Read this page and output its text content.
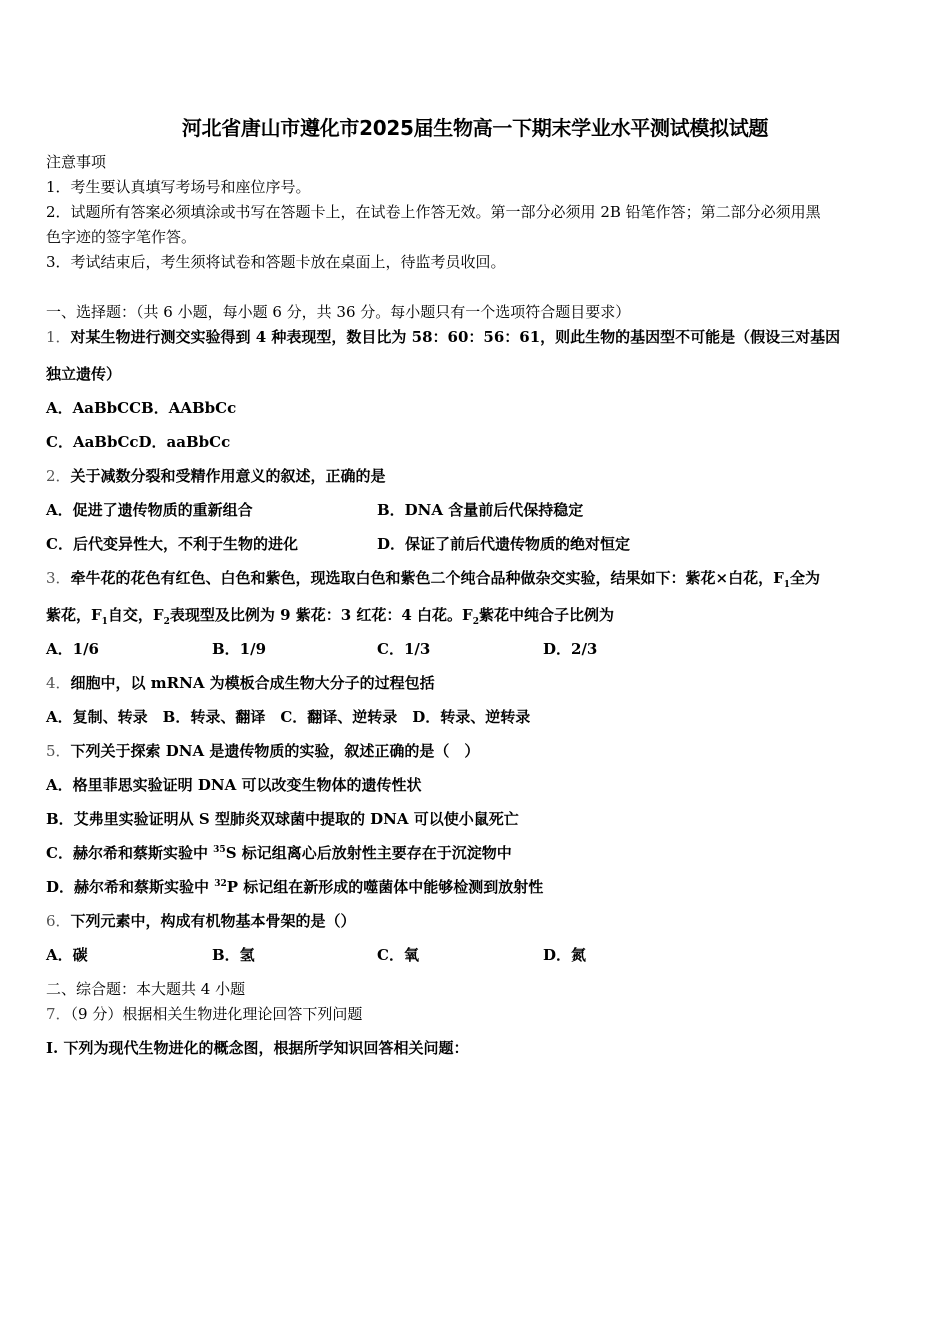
河北省唐山市遵化市2025届生物高一下期末学业水平测试模拟试题
注意事项
1．考生要认真填写考场号和座位序号。
2．试题所有答案必须填涂或书写在答题卡上，在试卷上作答无效。第一部分必须用 2B 铅笔作答；第二部分必须用黑
色字迹的签字笔作答。
3．考试结束后，考生须将试卷和答题卡放在桌面上，待监考员收回。
一、选择题：（共 6 小题，每小题 6 分，共 36 分。每小题只有一个选项符合题目要求）
1．对某生物进行测交实验得到 4 种表现型，数目比为 58：60：56：61，则此生物的基因型不可能是（假设三对基因
独立遗传）
A．AaBbCCB．AABbCc
C．AaBbCcD．aaBbCc
2．关于减数分裂和受精作用意义的叙述，正确的是
A．促进了遗传物质的重新组合	B．DNA 含量前后代保持稳定
C．后代变异性大，不利于生物的进化	D．保证了前后代遗传物质的绝对恒定
3．牵牛花的花色有红色、白色和紫色，现选取白色和紫色二个纯合品种做杂交实验，结果如下：紫花×白花，$F_1$全为
紫花，$F_1$自交，$F_2$表现型及比例为 9 紫花：3 红花：4 白花。$F_2$紫花中纯合子比例为
A．1/6	B．1/9	C．1/3	D．2/3
4．细胞中，以 mRNA 为模板合成生物大分子的过程包括
A．复制、转录　B．转录、翻译　C．翻译、逆转录　D．转录、逆转录
5．下列关于探索 DNA 是遗传物质的实验，叙述正确的是（　）
A．格里菲思实验证明 DNA 可以改变生物体的遗传性状
B．艾弗里实验证明从 S 型肺炎双球菌中提取的 DNA 可以使小鼠死亡
C．赫尔希和蔡斯实验中 $^{35}$S 标记组离心后放射性主要存在于沉淀物中
D．赫尔希和蔡斯实验中 $^{32}$P 标记组在新形成的噬菌体中能够检测到放射性
6．下列元素中，构成有机物基本骨架的是（）
A．碳	B．氢	C．氧	D．氮
二、综合题：本大题共 4 小题
7．（9 分）根据相关生物进化理论回答下列问题
I. 下列为现代生物进化的概念图，根据所学知识回答相关问题：
